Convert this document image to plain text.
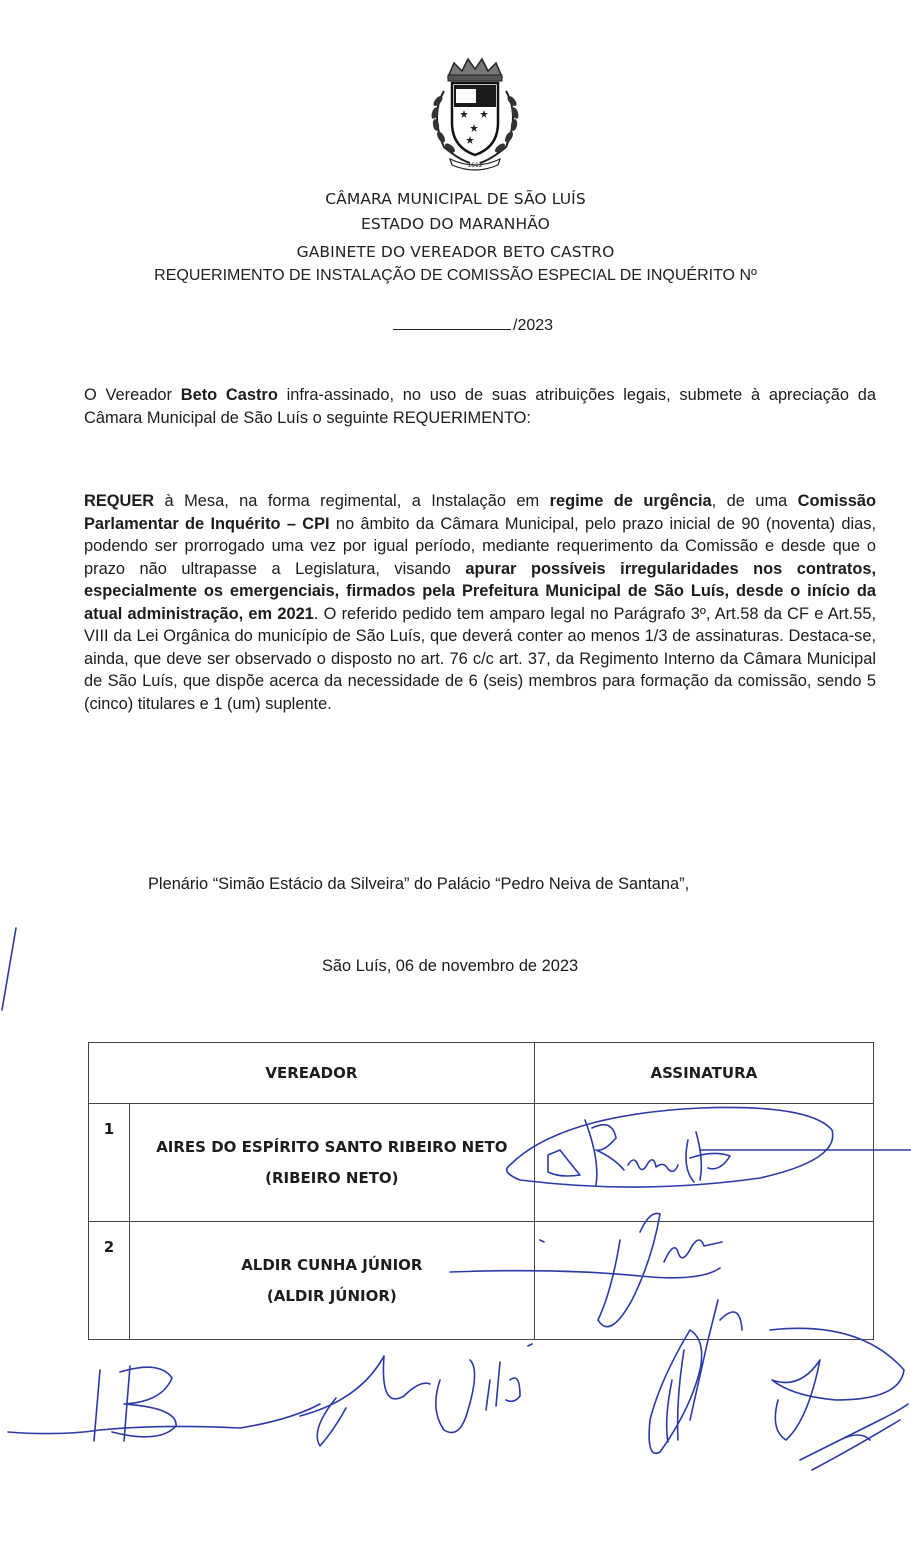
1612
CÂMARA MUNICIPAL DE SÃO LUÍS
ESTADO DO MARANHÃO
GABINETE DO VEREADOR BETO CASTRO
REQUERIMENTO DE INSTALAÇÃO DE COMISSÃO ESPECIAL DE INQUÉRITO Nº
/2023
O Vereador Beto Castro infra-assinado, no uso de suas atribuições legais, submete à apreciação da Câmara Municipal de São Luís o seguinte REQUERIMENTO:
REQUER à Mesa, na forma regimental, a Instalação em regime de urgência, de uma Comissão Parlamentar de Inquérito – CPI no âmbito da Câmara Municipal, pelo prazo inicial de 90 (noventa) dias, podendo ser prorrogado uma vez por igual período, mediante requerimento da Comissão e desde que o prazo não ultrapasse a Legislatura, visando apurar possíveis irregularidades nos contratos, especialmente os emergenciais, firmados pela Prefeitura Municipal de São Luís, desde o início da atual administração, em 2021. O referido pedido tem amparo legal no Parágrafo 3º, Art.58 da CF e Art.55, VIII da Lei Orgânica do município de São Luís, que deverá conter ao menos 1/3 de assinaturas. Destaca-se, ainda, que deve ser observado o disposto no art. 76 c/c art. 37, da Regimento Interno da Câmara Municipal de São Luís, que dispõe acerca da necessidade de 6 (seis) membros para formação da comissão, sendo 5 (cinco) titulares e 1 (um) suplente.
Plenário “Simão Estácio da Silveira” do Palácio “Pedro Neiva de Santana”,
São Luís, 06 de novembro de 2023
VEREADOR		ASSINATURA
1	AIRES DO ESPÍRITO SANTO RIBEIRO NETO
(RIBEIRO NETO)	

2	ALDIR CUNHA JÚNIOR
(ALDIR JÚNIOR)	
